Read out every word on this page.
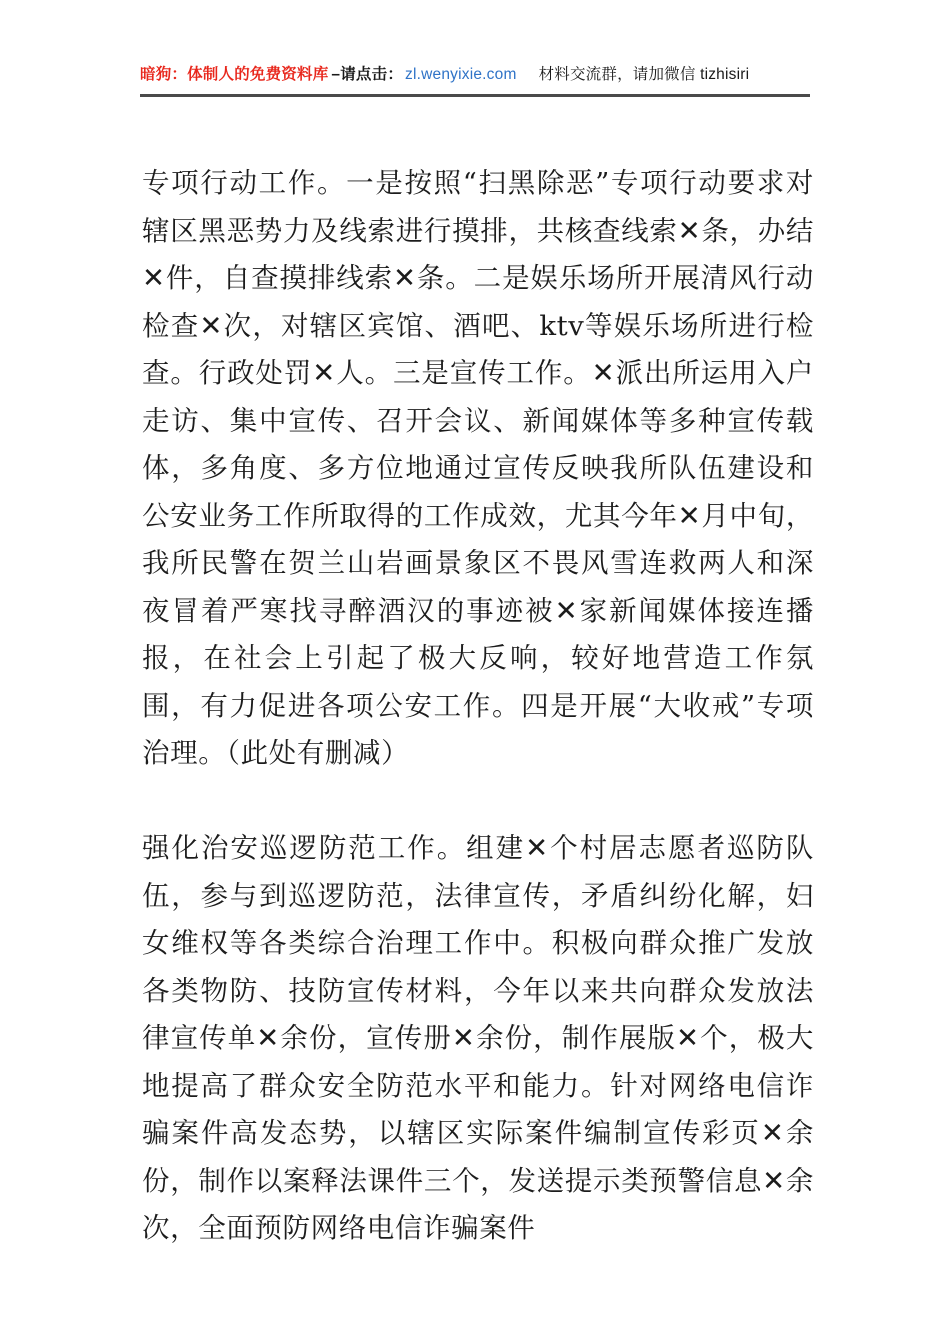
暗狗：体制人的免费资料库 –请点击： zl.wenyixie.com 材料交流群，请加微信 tizhisiri

专项行动工作。一是按照“扫黑除恶”专项行动要求对辖区黑恶势力及线索进行摸排，共核查线索✕条，办结✕件，自查摸排线索✕条。二是娱乐场所开展清风行动检查✕次，对辖区宾馆、酒吧、ktv等娱乐场所进行检查。行政处罚✕人。三是宣传工作。✕派出所运用入户走访、集中宣传、召开会议、新闻媒体等多种宣传载体，多角度、多方位地通过宣传反映我所队伍建设和公安业务工作所取得的工作成效，尤其今年✕月中旬，我所民警在贺兰山岩画景象区不畏风雪连救两人和深夜冒着严寒找寻醉酒汉的事迹被✕家新闻媒体接连播报，在社会上引起了极大反响，较好地营造工作氛围，有力促进各项公安工作。四是开展“大收戒”专项治理。（此处有删减）

强化治安巡逻防范工作。组建✕个村居志愿者巡防队伍，参与到巡逻防范，法律宣传，矛盾纠纷化解，妇女维权等各类综合治理工作中。积极向群众推广发放各类物防、技防宣传材料，今年以来共向群众发放法律宣传单✕余份，宣传册✕余份，制作展版✕个，极大地提高了群众安全防范水平和能力。针对网络电信诈骗案件高发态势，以辖区实际案件编制宣传彩页✕余份，制作以案释法课件三个，发送提示类预警信息✕余次，全面预防网络电信诈骗案件
